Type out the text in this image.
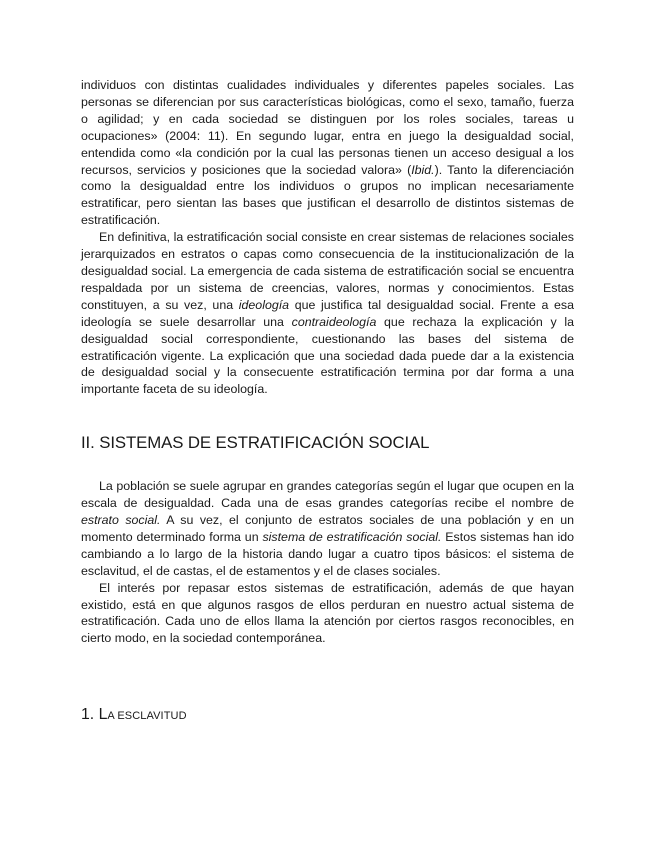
individuos con distintas cualidades individuales y diferentes papeles sociales. Las personas se diferencian por sus características biológicas, como el sexo, tamaño, fuerza o agilidad; y en cada sociedad se distinguen por los roles sociales, tareas u ocupaciones» (2004: 11). En segundo lugar, entra en juego la desigualdad social, entendida como «la condición por la cual las personas tienen un acceso desigual a los recursos, servicios y posiciones que la sociedad valora» (Ibid.). Tanto la diferenciación como la desigualdad entre los individuos o grupos no implican necesariamente estratificar, pero sientan las bases que justifican el desarrollo de distintos sistemas de estratificación.

En definitiva, la estratificación social consiste en crear sistemas de relaciones sociales jerarquizados en estratos o capas como consecuencia de la institucionalización de la desigualdad social. La emergencia de cada sistema de estratificación social se encuentra respaldada por un sistema de creencias, valores, normas y conocimientos. Estas constituyen, a su vez, una ideología que justifica tal desigualdad social. Frente a esa ideología se suele desarrollar una contraideología que rechaza la explicación y la desigualdad social correspondiente, cuestionando las bases del sistema de estratificación vigente. La explicación que una sociedad dada puede dar a la existencia de desigualdad social y la consecuente estratificación termina por dar forma a una importante faceta de su ideología.

II. SISTEMAS DE ESTRATIFICACIÓN SOCIAL

La población se suele agrupar en grandes categorías según el lugar que ocupen en la escala de desigualdad. Cada una de esas grandes categorías recibe el nombre de estrato social. A su vez, el conjunto de estratos sociales de una población y en un momento determinado forma un sistema de estratificación social. Estos sistemas han ido cambiando a lo largo de la historia dando lugar a cuatro tipos básicos: el sistema de esclavitud, el de castas, el de estamentos y el de clases sociales.

El interés por repasar estos sistemas de estratificación, además de que hayan existido, está en que algunos rasgos de ellos perduran en nuestro actual sistema de estratificación. Cada uno de ellos llama la atención por ciertos rasgos reconocibles, en cierto modo, en la sociedad contemporánea.

1. LA ESCLAVITUD
